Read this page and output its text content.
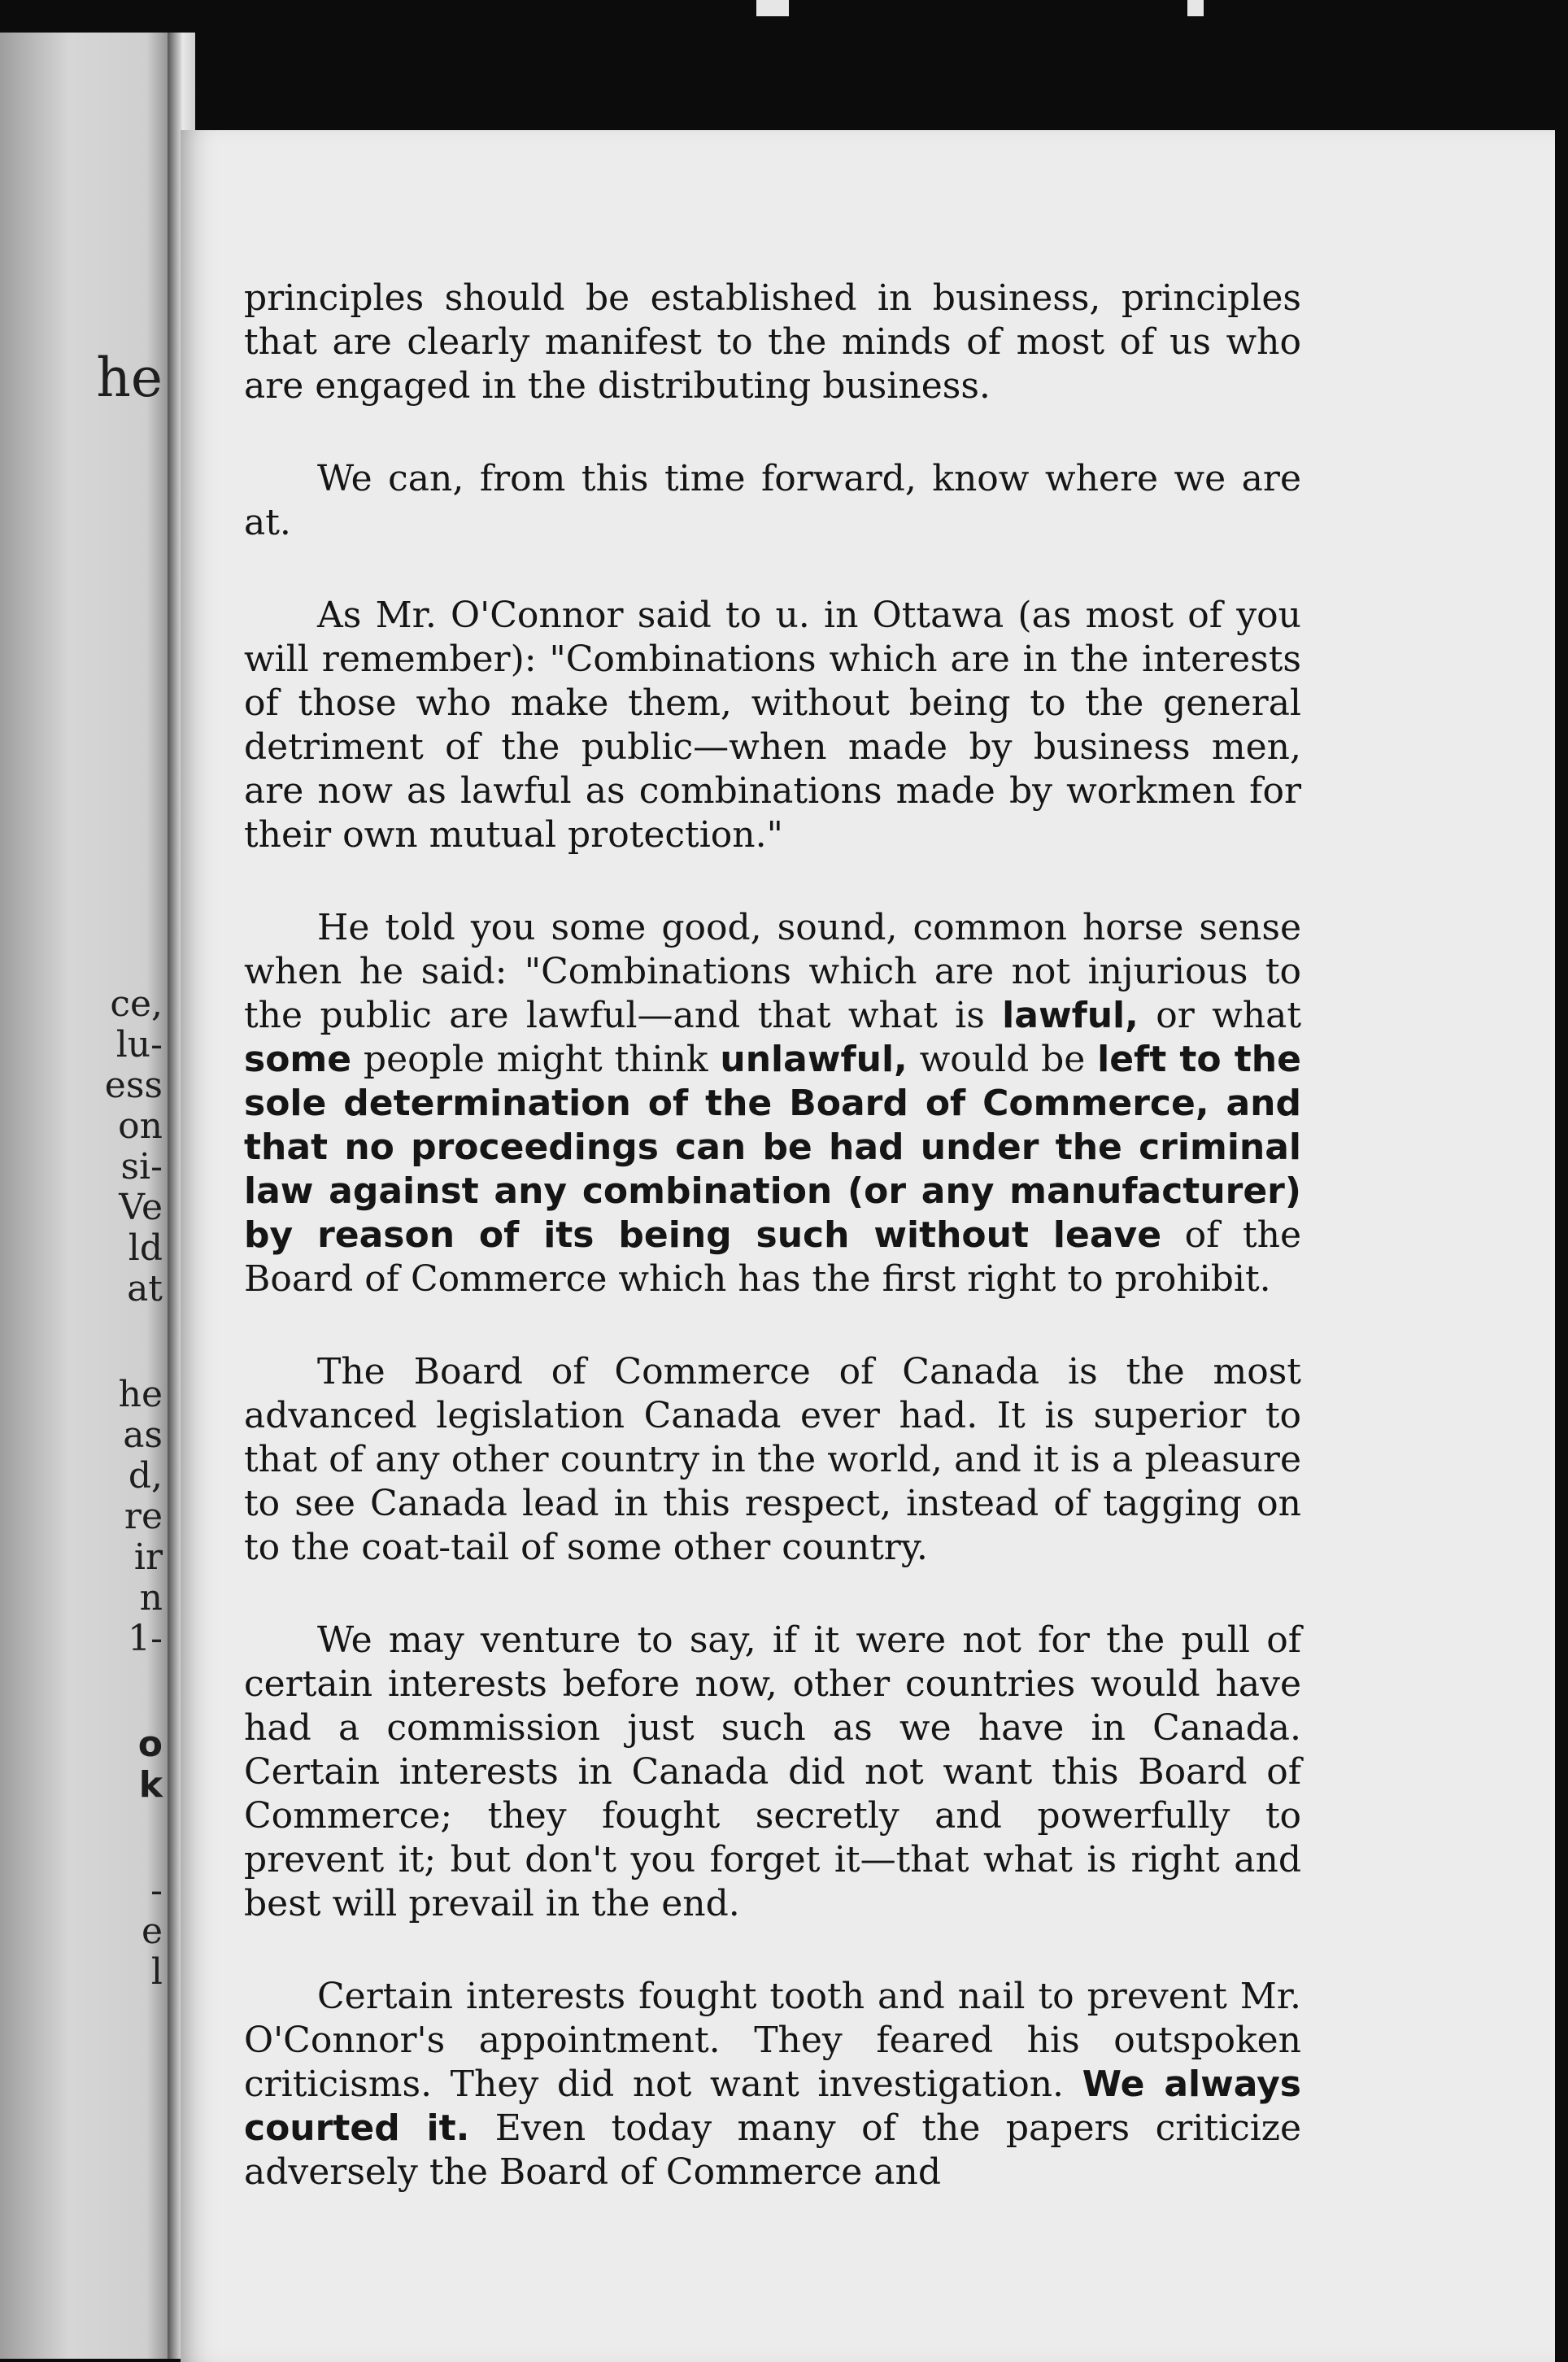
he
ce,
lu-
ess
on
si-
Ve
ld
at
he
as
d,
re
ir
n
1-
o
k
-
e
l

principles should be established in business, principles that are clearly manifest to the minds of most of us who are engaged in the distributing business.

We can, from this time forward, know where we are at.

As Mr. O'Connor said to u. in Ottawa (as most of you will remember): "Combinations which are in the interests of those who make them, without being to the general detriment of the public—when made by business men, are now as lawful as combinations made by workmen for their own mutual protection."

He told you some good, sound, common horse sense when he said: "Combinations which are not injurious to the public are lawful—and that what is lawful, or what some people might think unlawful, would be left to the sole determination of the Board of Commerce, and that no proceedings can be had under the criminal law against any combination (or any manufacturer) by reason of its being such without leave of the Board of Commerce which has the first right to prohibit.

The Board of Commerce of Canada is the most advanced legislation Canada ever had. It is superior to that of any other country in the world, and it is a pleasure to see Canada lead in this respect, instead of tagging on to the coat-tail of some other country.

We may venture to say, if it were not for the pull of certain interests before now, other countries would have had a commission just such as we have in Canada. Certain interests in Canada did not want this Board of Commerce; they fought secretly and powerfully to prevent it; but don't you forget it—that what is right and best will prevail in the end.

Certain interests fought tooth and nail to prevent Mr. O'Connor's appointment. They feared his outspoken criticisms. They did not want investigation. We always courted it. Even today many of the papers criticize adversely the Board of Commerce and
